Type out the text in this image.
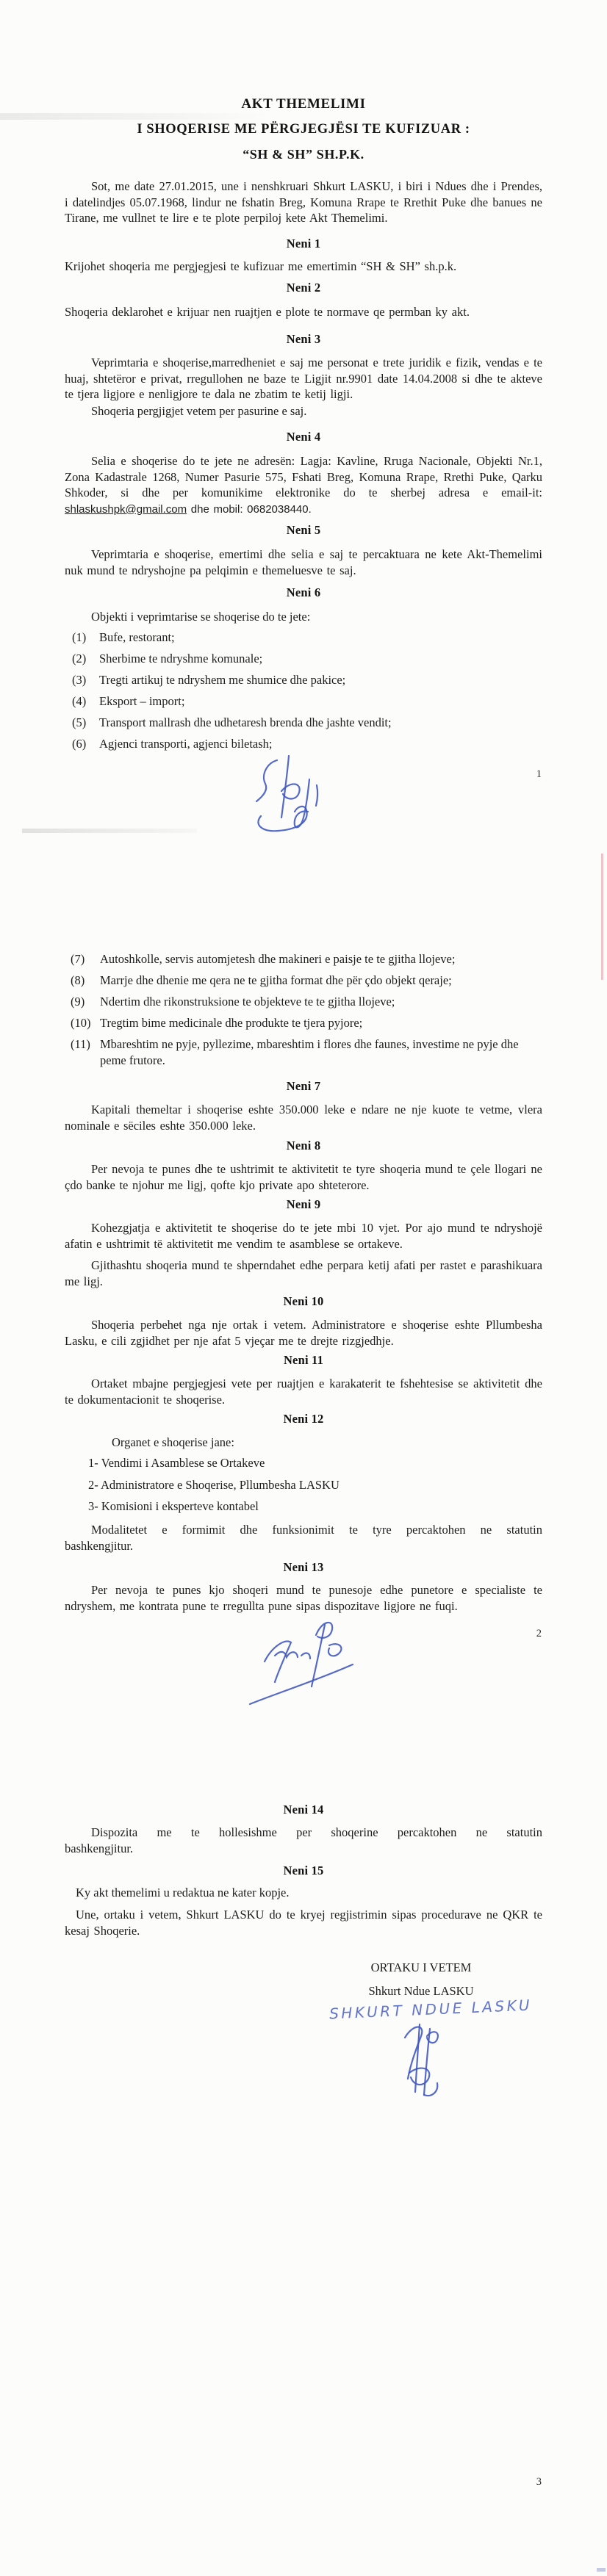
AKT THEMELIMI
I SHOQERISE ME PËRGJEGJËSI TE KUFIZUAR :
“SH & SH” SH.P.K.
Sot, me date 27.01.2015, une i nenshkruari Shkurt LASKU, i biri i Ndues dhe i Prendes, i datelindjes 05.07.1968, lindur ne fshatin Breg, Komuna Rrape te Rrethit Puke dhe banues ne Tirane, me vullnet te lire e te plote perpiloj kete Akt Themelimi.
Neni 1
Krijohet shoqeria me pergjegjesi te kufizuar me emertimin “SH & SH” sh.p.k.
Neni 2
Shoqeria deklarohet e krijuar nen ruajtjen e plote te normave qe permban ky akt.
Neni 3
Veprimtaria e shoqerise,marredheniet e saj me personat e trete juridik e fizik, vendas e te huaj, shtetëror e privat, rregullohen ne baze te Ligjit nr.9901 date 14.04.2008 si dhe te akteve te tjera ligjore e nenligjore te dala ne zbatim te ketij ligji.
Shoqeria pergjigjet vetem per pasurine e saj.
Neni 4
Selia e shoqerise do te jete ne adresën: Lagja: Kavline, Rruga Nacionale, Objekti Nr.1, Zona Kadastrale 1268, Numer Pasurie 575, Fshati Breg, Komuna Rrape, Rrethi Puke, Qarku Shkoder, si dhe per komunikime elektronike do te sherbej adresa e email-it: shlaskushpk@gmail.com dhe mobil: 0682038440.
Neni 5
Veprimtaria e shoqerise, emertimi dhe selia e saj te percaktuara ne kete Akt-Themelimi nuk mund te ndryshojne pa pelqimin e themeluesve te saj.
Neni 6
Objekti i veprimtarise se shoqerise do te jete:
(1)	Bufe, restorant;
(2)	Sherbime te ndryshme komunale;
(3)	Tregti artikuj te ndryshem me shumice dhe pakice;
(4)	Eksport – import;
(5)	Transport mallrash dhe udhetaresh brenda dhe jashte vendit;
(6)	Agjenci transporti, agjenci biletash;
1
(7)	Autoshkolle, servis automjetesh dhe makineri e paisje te te gjitha llojeve;
(8)	Marrje dhe dhenie me qera ne te gjitha format dhe për çdo objekt qeraje;
(9)	Ndertim dhe rikonstruksione te objekteve te te gjitha llojeve;
(10) Tregtim bime medicinale dhe produkte te tjera pyjore;
(11) Mbareshtim ne pyje, pyllezime, mbareshtim i flores dhe faunes, investime ne pyje dhe peme frutore.
Neni 7
Kapitali themeltar i shoqerise eshte 350.000 leke e ndare ne nje kuote te vetme, vlera nominale e sëciles eshte 350.000 leke.
Neni 8
Per nevoja te punes dhe te ushtrimit te aktivitetit te tyre shoqeria mund te çele llogari ne çdo banke te njohur me ligj, qofte kjo private apo shteterore.
Neni 9
Kohezgjatja e aktivitetit te shoqerise do te jete mbi 10 vjet. Por ajo mund te ndryshojë afatin e ushtrimit të aktivitetit me vendim te asamblese se ortakeve.
Gjithashtu shoqeria mund te shperndahet edhe perpara ketij afati per rastet e parashikuara me ligj.
Neni 10
Shoqeria perbehet nga nje ortak i vetem. Administratore e shoqerise eshte Pllumbesha Lasku, e cili zgjidhet per nje afat 5 vjeçar me te drejte rizgjedhje.
Neni 11
Ortaket mbajne pergjegjesi vete per ruajtjen e karakaterit te fshehtesise se aktivitetit dhe te dokumentacionit te shoqerise.
Neni 12
Organet e shoqerise jane:
1- Vendimi i Asamblese se Ortakeve
2- Administratore e Shoqerise, Pllumbesha LASKU
3- Komisioni i eksperteve kontabel
Modalitetet e formimit dhe funksionimit te tyre percaktohen ne statutin
bashkengjitur.
Neni 13
Per nevoja te punes kjo shoqeri mund te punesoje edhe punetore e specialiste te ndryshem, me kontrata pune te rregullta pune sipas dispozitave ligjore ne fuqi.
2
Neni 14
Dispozita me te hollesishme per shoqerine percaktohen ne statutin
bashkengjitur.
Neni 15
Ky akt themelimi u redaktua ne kater kopje.
Une, ortaku i vetem, Shkurt LASKU do te kryej regjistrimin sipas procedurave ne QKR te kesaj Shoqerie.
ORTAKU I VETEM
Shkurt Ndue LASKU
SHKURT NDUE LASKU
3
